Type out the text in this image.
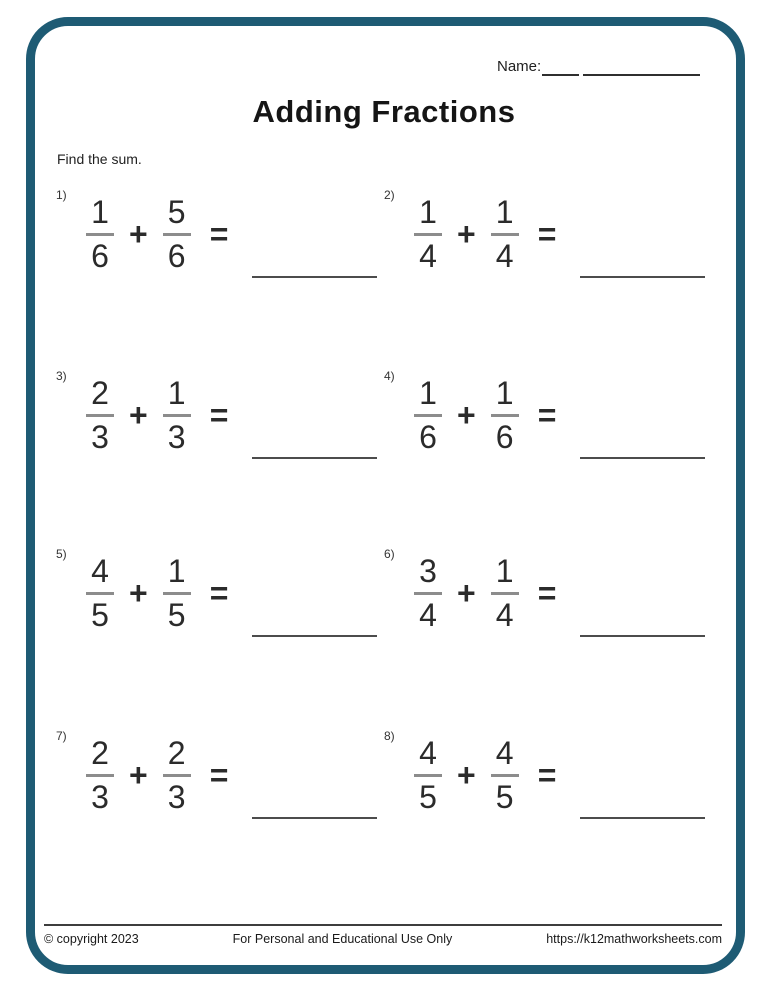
Name:
Adding Fractions
Find the sum.
1)
$\frac{1}{6} + \frac{5}{6}$ =
2)
$\frac{1}{4} + \frac{1}{4}$ =
3)
$\frac{2}{3} + \frac{1}{3}$ =
4)
$\frac{1}{6} + \frac{1}{6}$ =
5)
$\frac{4}{5} + \frac{1}{5}$ =
6)
$\frac{3}{4} + \frac{1}{4}$ =
7)
$\frac{2}{3} + \frac{2}{3}$ =
8)
$\frac{4}{5} + \frac{4}{5}$ =
© copyright 2023	For Personal and Educational Use Only	https://k12mathworksheets.com
